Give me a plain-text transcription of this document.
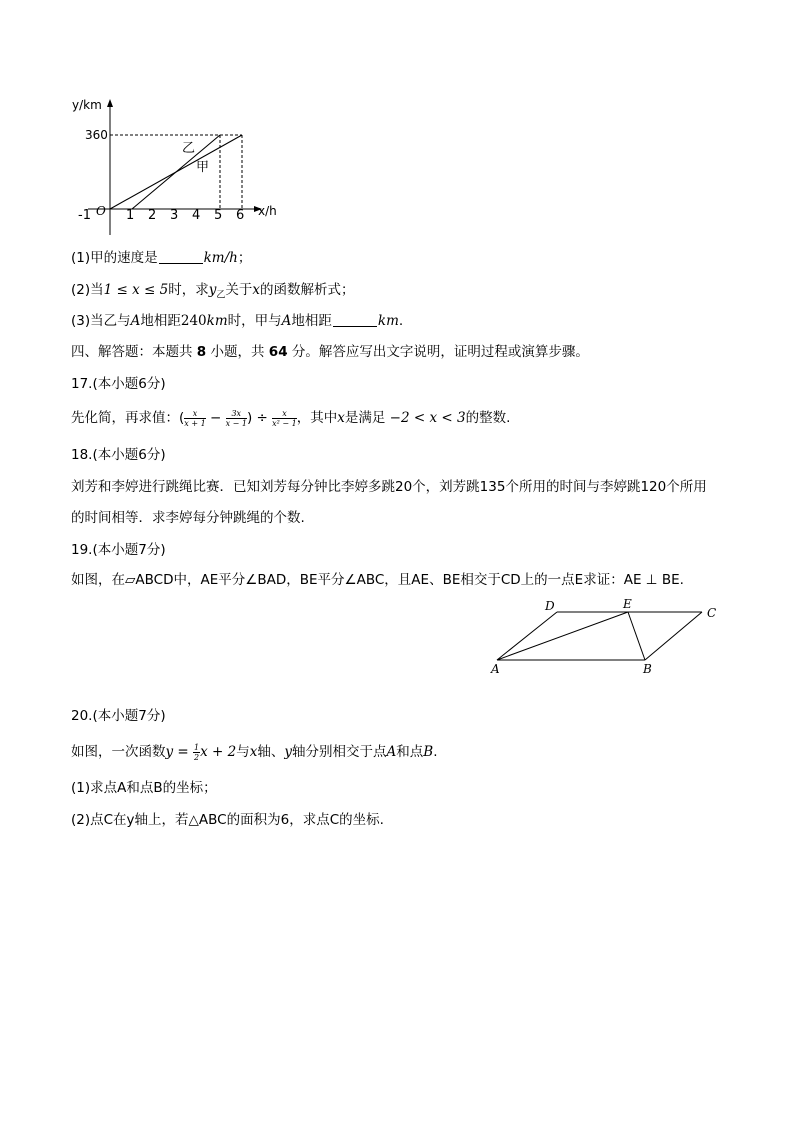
y/km
360
x/h
-1 O 1 2 3 4 5 6
乙
甲
(1)甲的速度是	km/h；
(2)当1 ≤ x ≤ 5时，求$y_乙$关于x的函数解析式；
(3)当乙与A地相距240km时，甲与A地相距	km.
四、解答题：本题共 8 小题，共 64 分。解答应写出文字说明，证明过程或演算步骤。
17.(本小题6分)
先化简，再求值：( $\frac{x}{x + 1} - \frac{3x}{x - 1}$ ) ÷ $\frac{x}{\text{x² − 1}}$ ，其中x是满足 −2 < x < 3的整数.
18.(本小题6分)
刘芳和李婷进行跳绳比赛．已知刘芳每分钟比李婷多跳20个，刘芳跳135个所用的时间与李婷跳120个所用
的时间相等．求李婷每分钟跳绳的个数.
19.(本小题7分)
如图，在▱ABCD中，AE平分∠BAD，BE平分∠ABC，且AE、BE相交于CD上的一点E求证：AE ⊥ BE.
D	E
C
A	B
20.(本小题7分)
如图，一次函数$y = \frac{1}{2}$ x + 2与x轴、y轴分别相交于点A和点B.
(1)求点A和点B的坐标；
(2)点C在y轴上，若△ABC的面积为6，求点C的坐标.
